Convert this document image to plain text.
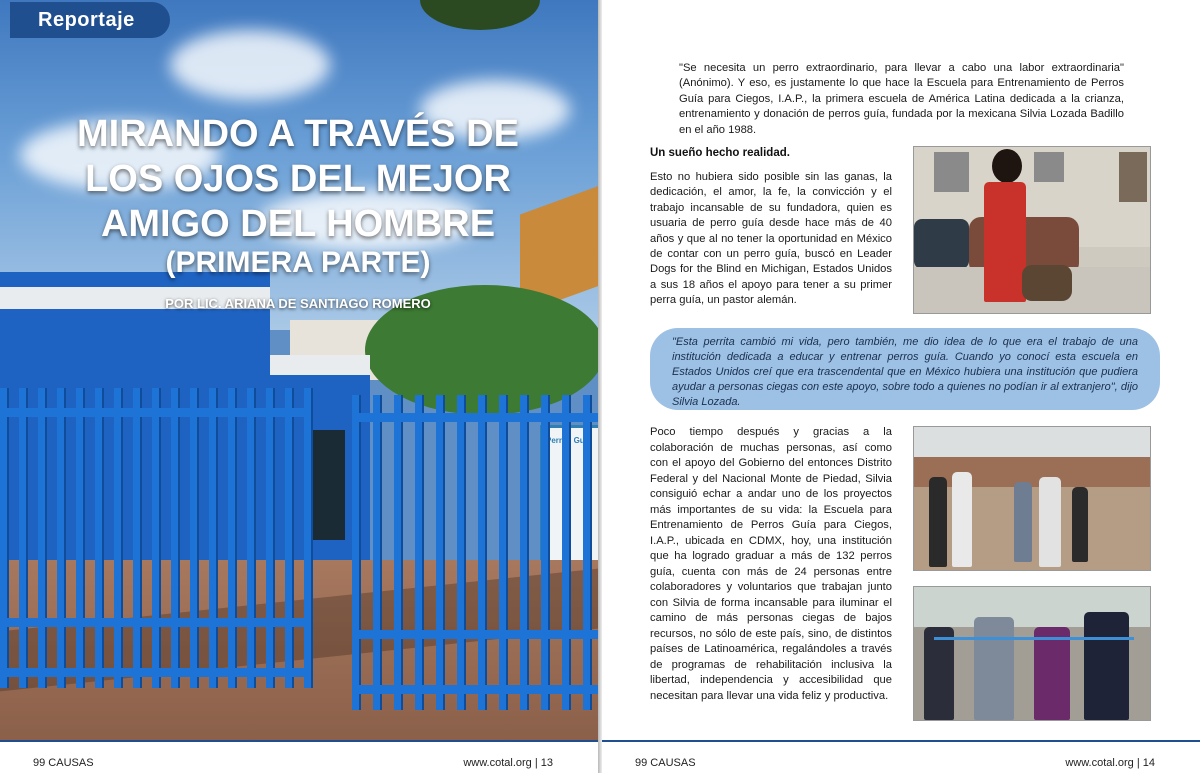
Perros
Reportaje
MIRANDO A TRAVÉS DE
LOS OJOS DEL MEJOR
AMIGO DEL HOMBRE
(PRIMERA PARTE)
POR LIC. ARIANA DE SANTIAGO ROMERO
99 CAUSAS	www.cotal.org | 13

"Se necesita un perro extraordinario, para llevar a cabo una labor extraordinaria" (Anónimo). Y eso, es justamente lo que hace la Escuela para Entrenamiento de Perros Guía para Ciegos, I.A.P., la primera escuela de América Latina dedicada a la crianza, entrenamiento y donación de perros guía, fundada por la mexicana Silvia Lozada Badillo en el año 1988.

Un sueño hecho realidad.

Esto no hubiera sido posible sin las ganas, la dedicación, el amor, la fe, la convicción y el trabajo incansable de su fundadora, quien es usuaria de perro guía desde hace más de 40 años y que al no tener la oportunidad en México de contar con un perro guía, buscó en Leader Dogs for the Blind en Michigan, Estados Unidos a sus 18 años el apoyo para tener a su primer perra guía, un pastor alemán.

"Esta perrita cambió mi vida, pero también, me dio idea de lo que era el trabajo de una institución dedicada a educar y entrenar perros guía. Cuando yo conocí esta escuela en Estados Unidos creí que era trascendental que en México hubiera una institución que pudiera ayudar a personas ciegas con este apoyo, sobre todo a quienes no podían ir al extranjero", dijo Silvia Lozada.

Poco tiempo después y gracias a la colaboración de muchas personas, así como con el apoyo del Gobierno del entonces Distrito Federal y del Nacional Monte de Piedad, Silvia consiguió echar a andar uno de los proyectos más importantes de su vida: la Escuela para Entrenamiento de Perros Guía para Ciegos, I.A.P., ubicada en CDMX, hoy, una institución que ha logrado graduar a más de 132 perros guía, cuenta con más de 24 personas entre colaboradores y voluntarios que trabajan junto con Silvia de forma incansable para iluminar el camino de más personas ciegas de bajos recursos, no sólo de este país, sino, de distintos países de Latinoamérica, regalándoles a través de programas de rehabilitación inclusiva la libertad, independencia y accesibilidad que necesitan para llevar una vida feliz y productiva.

99 CAUSAS	www.cotal.org | 14
